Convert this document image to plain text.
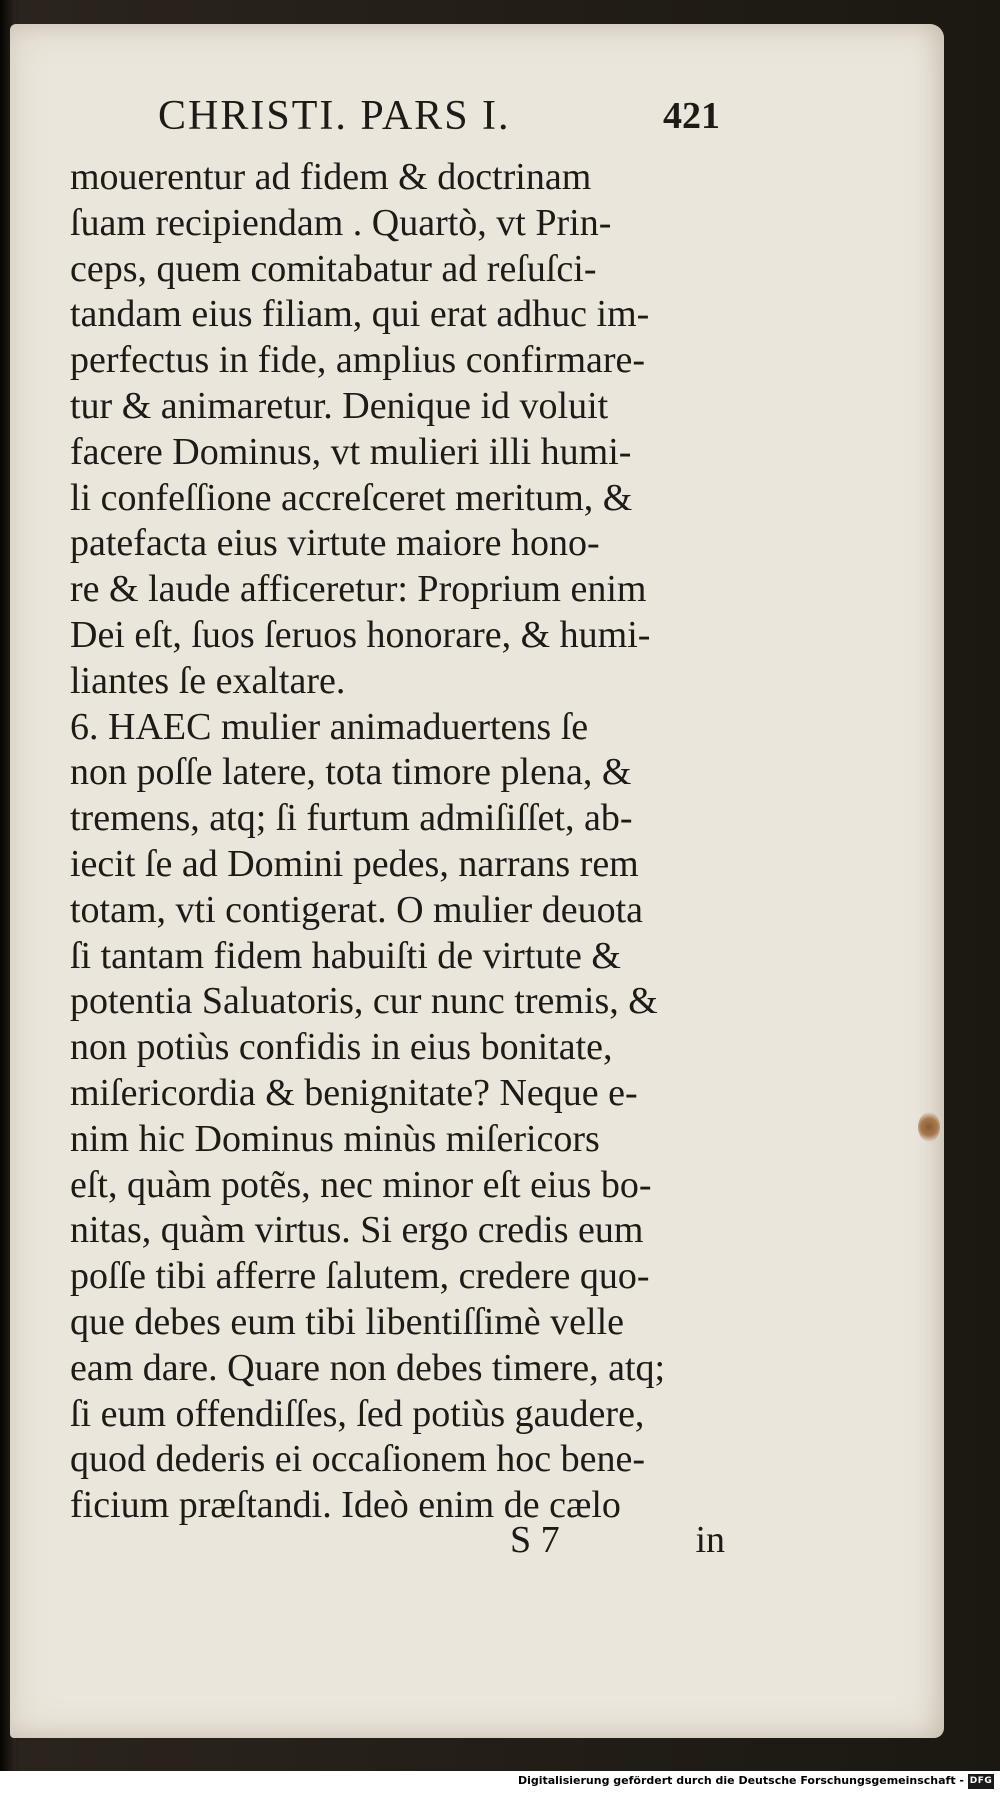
CHRISTI. PARS I.	421
mouerentur ad fidem & doctrinam
ſuam recipiendam . Quartò, vt Prin-
ceps, quem comitabatur ad reſuſci-
tandam eius filiam, qui erat adhuc im-
perfectus in fide, amplius confirmare-
tur & animaretur. Denique id voluit
facere Dominus, vt mulieri illi humi-
li confeſſione accreſceret meritum, &
patefacta eius virtute maiore hono-
re & laude afficeretur: Proprium enim
Dei eſt, ſuos ſeruos honorare, & humi-
liantes ſe exaltare.
6. HAEC mulier animaduertens ſe
non poſſe latere, tota timore plena, &
tremens, atq; ſi furtum admiſiſſet, ab-
iecit ſe ad Domini pedes, narrans rem
totam, vti contigerat. O mulier deuota
ſi tantam fidem habuiſti de virtute &
potentia Saluatoris, cur nunc tremis, &
non potiùs confidis in eius bonitate,
miſericordia & benignitate? Neque e-
nim hic Dominus minùs miſericors
eſt, quàm potẽs, nec minor eſt eius bo-
nitas, quàm virtus. Si ergo credis eum
poſſe tibi afferre ſalutem, credere quo-
que debes eum tibi libentiſſimè velle
eam dare. Quare non debes timere, atq;
ſi eum offendiſſes, ſed potiùs gaudere,
quod dederis ei occaſionem hoc bene-
ficium præſtandi. Ideò enim de cælo
S 7	in
Digitalisierung gefördert durch die Deutsche Forschungsgemeinschaft - DFG
